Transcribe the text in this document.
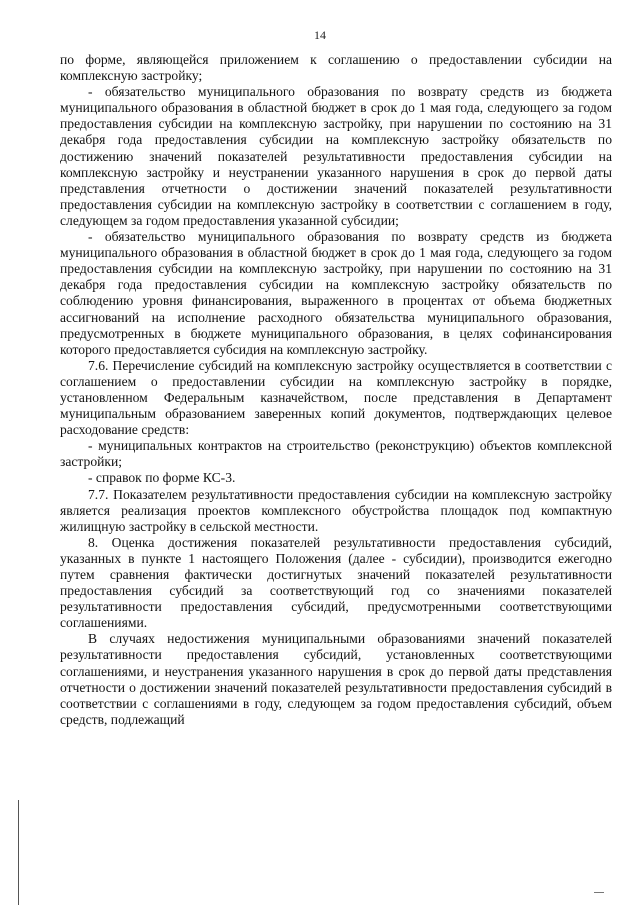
14

по форме, являющейся приложением к соглашению о предоставлении субсидии на комплексную застройку;

- обязательство муниципального образования по возврату средств из бюджета муниципального образования в областной бюджет в срок до 1 мая года, следующего за годом предоставления субсидии на комплексную застройку, при нарушении по состоянию на 31 декабря года предоставления субсидии на комплексную застройку обязательств по достижению значений показателей результативности предоставления субсидии на комплексную застройку и неустранении указанного нарушения в срок до первой даты представления отчетности о достижении значений показателей результативности предоставления субсидии на комплексную застройку в соответствии с соглашением в году, следующем за годом предоставления указанной субсидии;

- обязательство муниципального образования по возврату средств из бюджета муниципального образования в областной бюджет в срок до 1 мая года, следующего за годом предоставления субсидии на комплексную застройку, при нарушении по состоянию на 31 декабря года предоставления субсидии на комплексную застройку обязательств по соблюдению уровня финансирования, выраженного в процентах от объема бюджетных ассигнований на исполнение расходного обязательства муниципального образования, предусмотренных в бюджете муниципального образования, в целях софинансирования которого предоставляется субсидия на комплексную застройку.

7.6. Перечисление субсидий на комплексную застройку осуществляется в соответствии с соглашением о предоставлении субсидии на комплексную застройку в порядке, установленном Федеральным казначейством, после представления в Департамент муниципальным образованием заверенных копий документов, подтверждающих целевое расходование средств:

- муниципальных контрактов на строительство (реконструкцию) объектов комплексной застройки;

- справок по форме КС-3.

7.7. Показателем результативности предоставления субсидии на комплексную застройку является реализация проектов комплексного обустройства площадок под компактную жилищную застройку в сельской местности.

8. Оценка достижения показателей результативности предоставления субсидий, указанных в пункте 1 настоящего Положения (далее - субсидии), производится ежегодно путем сравнения фактически достигнутых значений показателей результативности предоставления субсидий за соответствующий год со значениями показателей результативности предоставления субсидий, предусмотренными соответствующими соглашениями.

В случаях недостижения муниципальными образованиями значений показателей результативности предоставления субсидий, установленных соответствующими соглашениями, и неустранения указанного нарушения в срок до первой даты представления отчетности о достижении значений показателей результативности предоставления субсидий в соответствии с соглашениями в году, следующем за годом предоставления субсидий, объем средств, подлежащий
